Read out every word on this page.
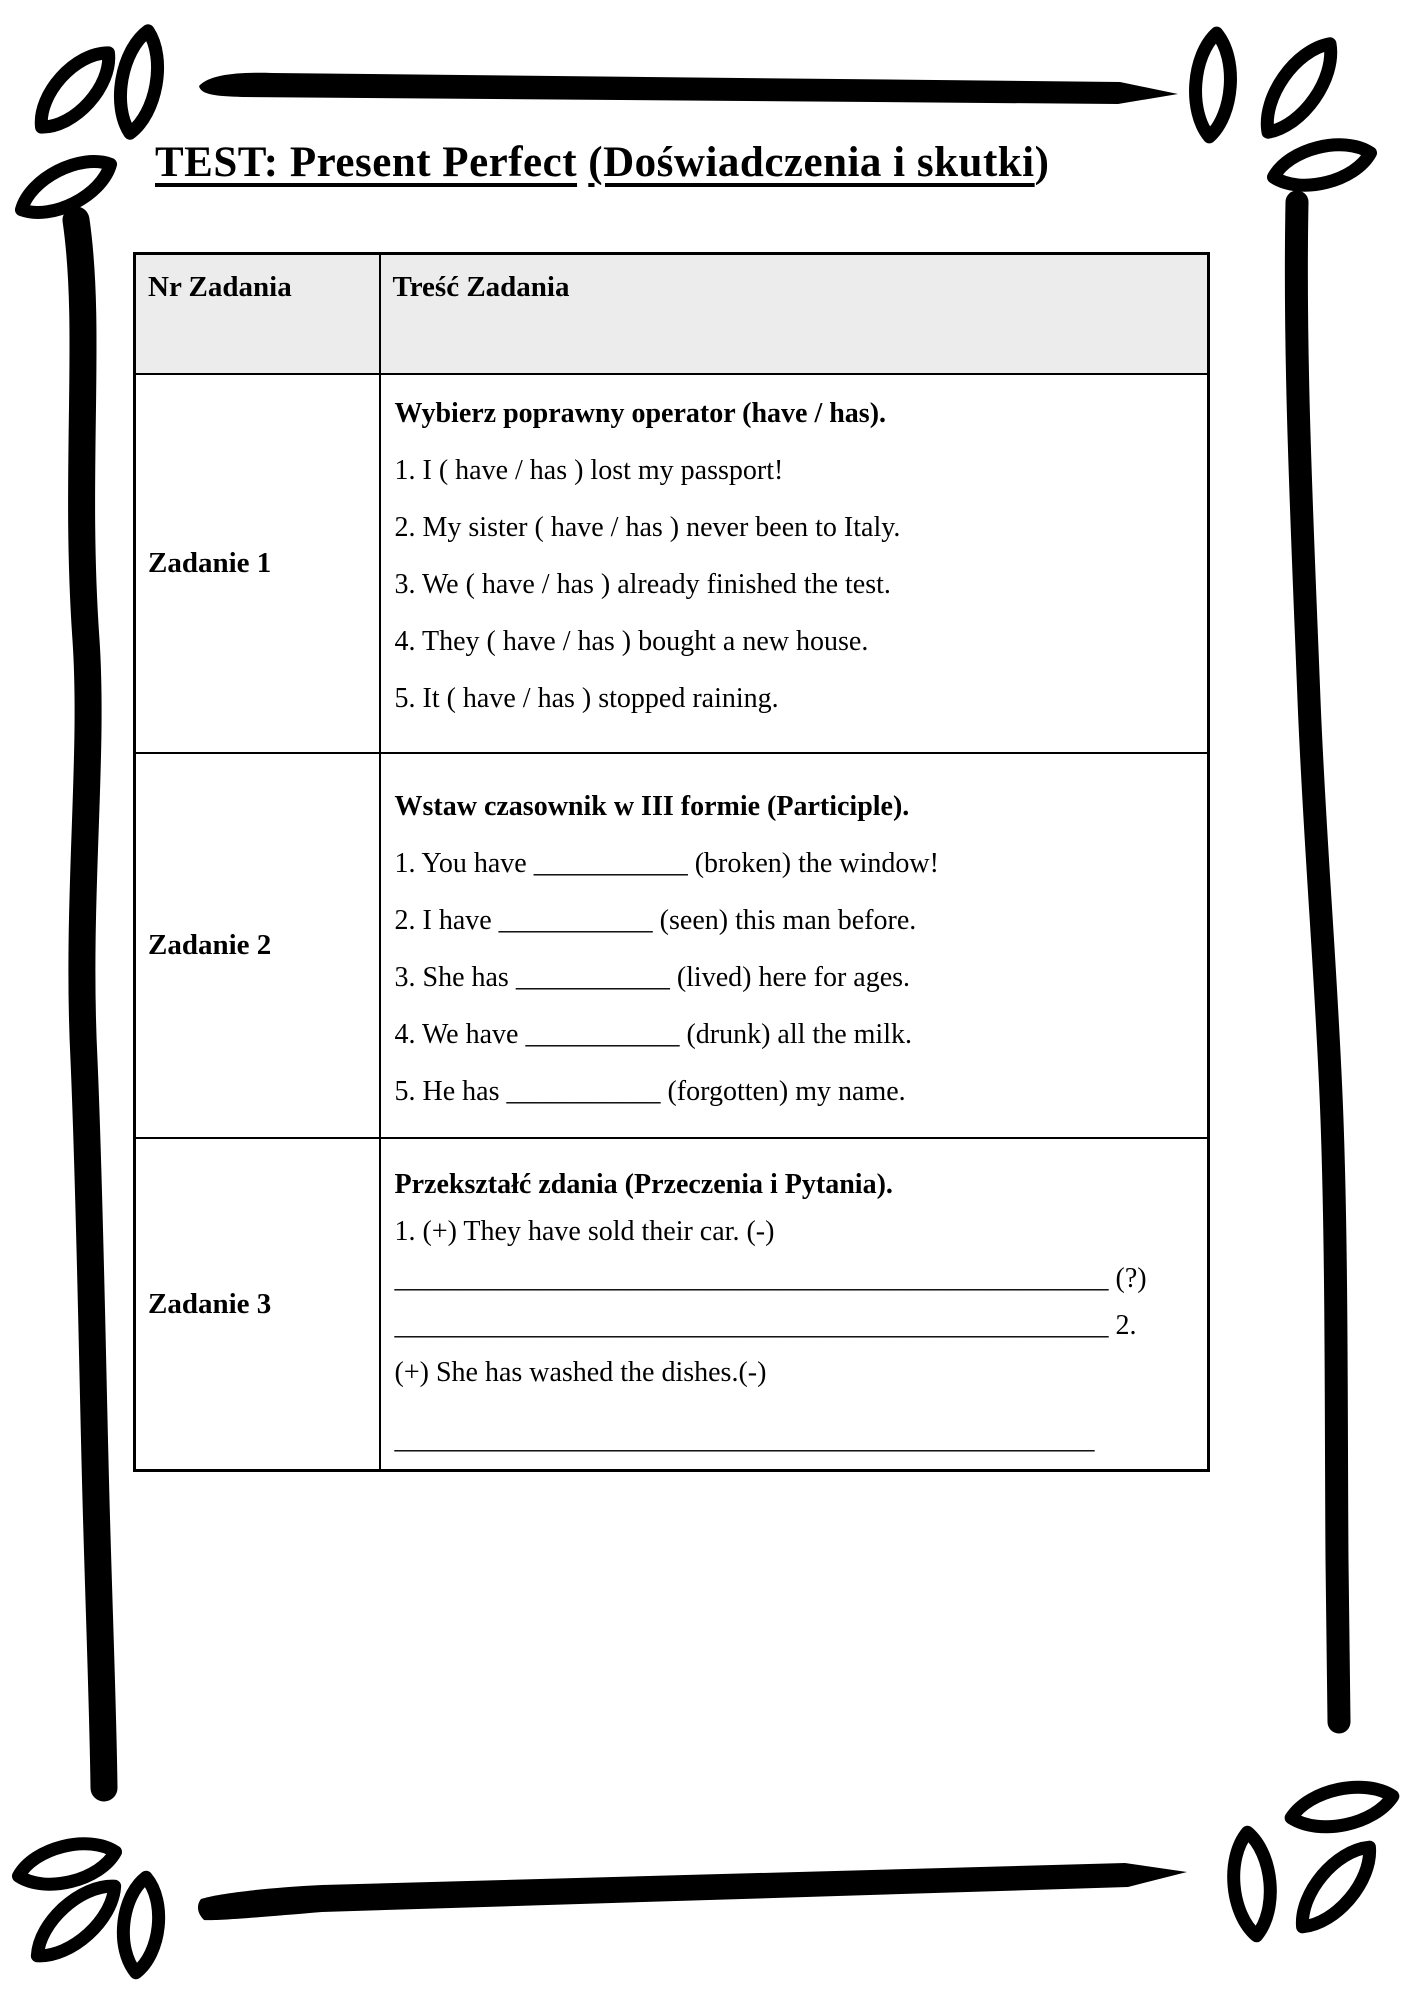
TEST: Present Perfect (Doświadczenia i skutki)
Nr Zadania	Treść Zadania
Zadanie 1	
Wybierz poprawny operator (have / has).
1. I ( have / has ) lost my passport!
2. My sister ( have / has ) never been to Italy.
3. We ( have / has ) already finished the test.
4. They ( have / has ) bought a new house.
5. It ( have / has ) stopped raining.

Zadanie 2	
Wstaw czasownik w III formie (Participle).
1. You have ___________ (broken) the window!
2. I have ___________ (seen) this man before.
3. She has ___________ (lived) here for ages.
4. We have ___________ (drunk) all the milk.
5. He has ___________ (forgotten) my name.

Zadanie 3	
Przekształć zdania (Przeczenia i Pytania).
1. (+) They have sold their car. (-)
___________________________________________________ (?)
___________________________________________________ 2.
(+) She has washed the dishes.(-)
__________________________________________________
